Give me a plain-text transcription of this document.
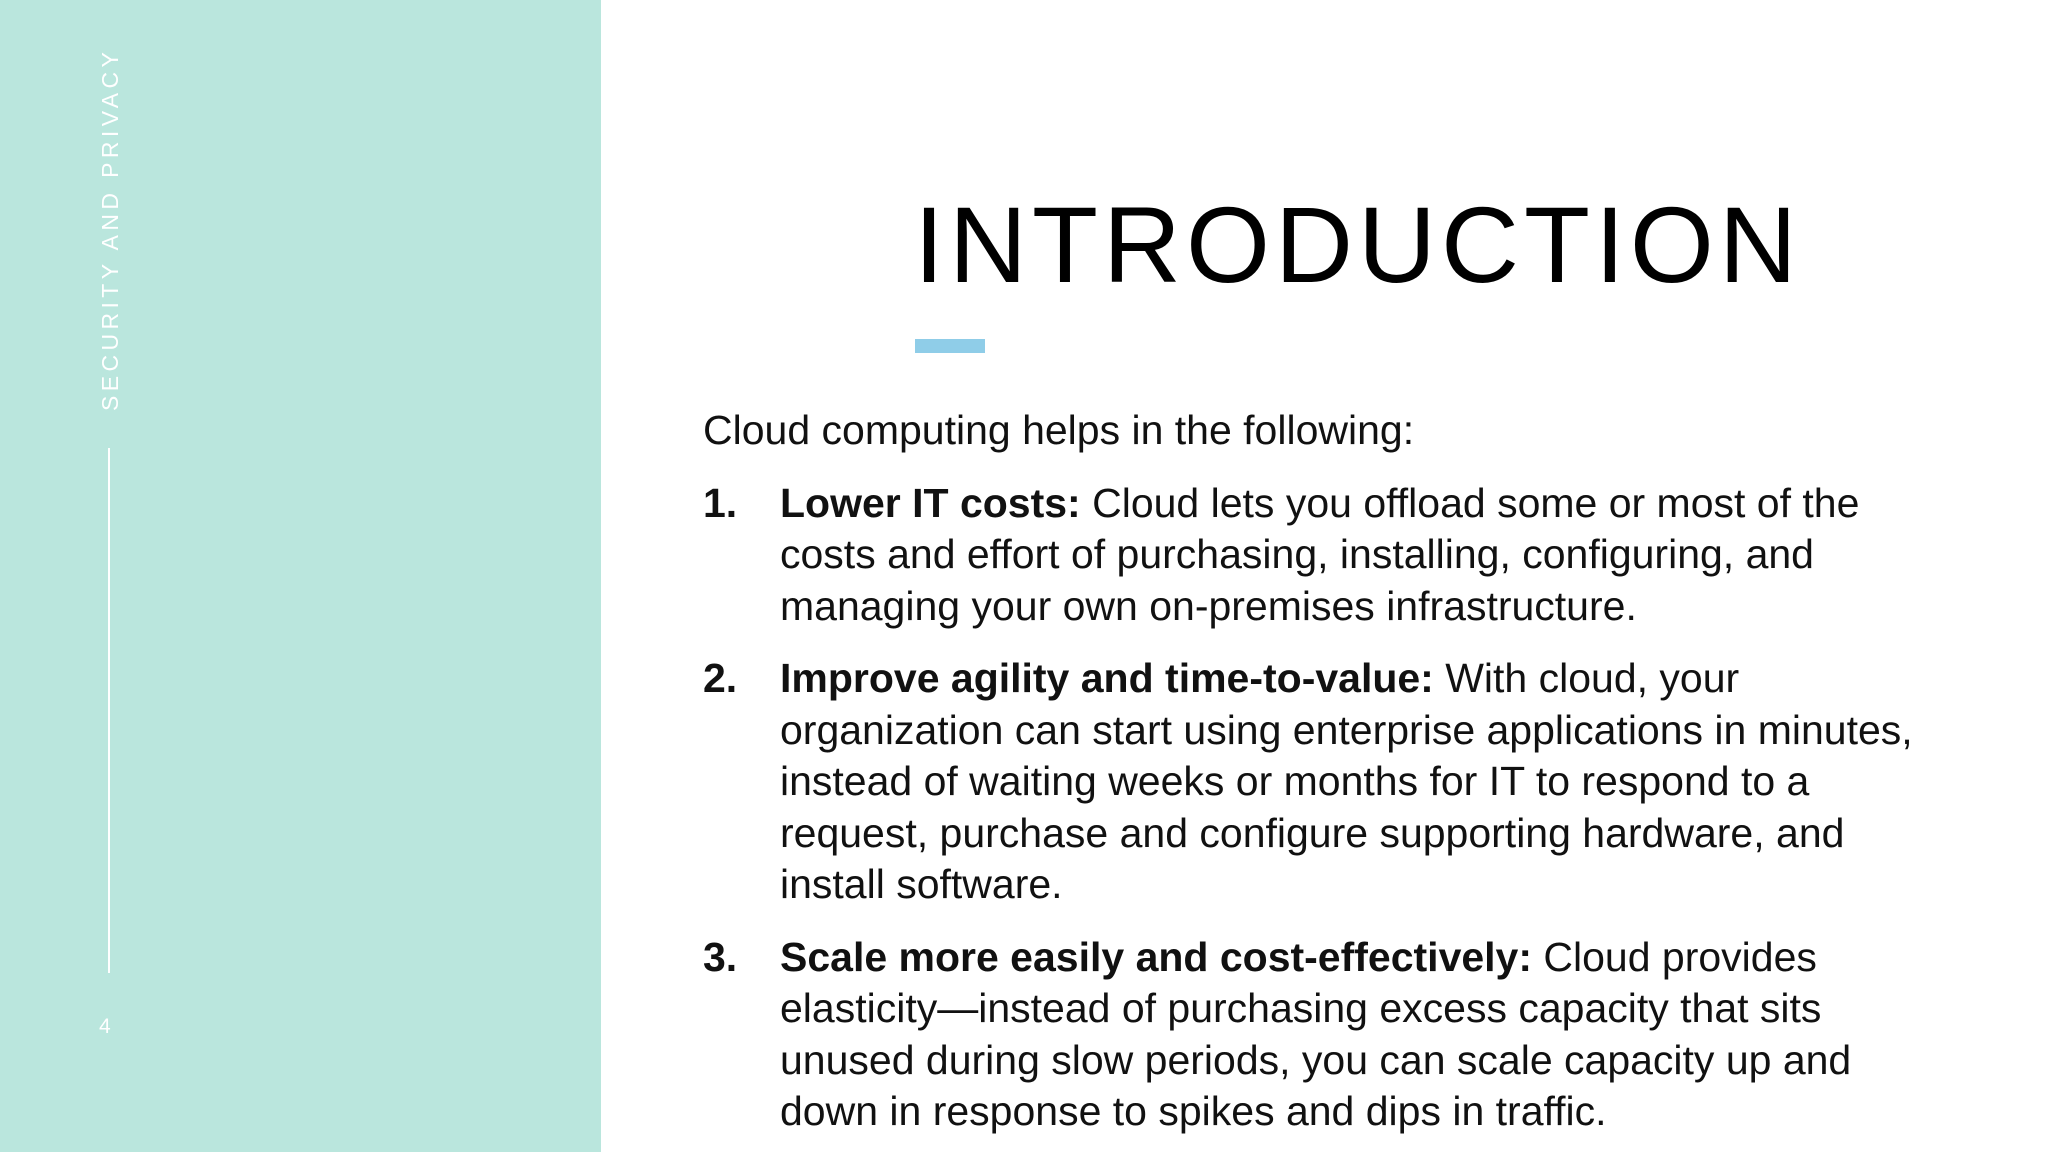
SECURITY AND PRIVACY
4
INTRODUCTION

Cloud computing helps in the following:

1. Lower IT costs: Cloud lets you offload some or most of the costs and effort of purchasing, installing, configuring, and managing your own on-premises infrastructure.
2. Improve agility and time-to-value: With cloud, your organization can start using enterprise applications in minutes, instead of waiting weeks or months for IT to respond to a request, purchase and configure supporting hardware, and install software.
3. Scale more easily and cost-effectively: Cloud provides elasticity—instead of purchasing excess capacity that sits unused during slow periods, you can scale capacity up and down in response to spikes and dips in traffic.
